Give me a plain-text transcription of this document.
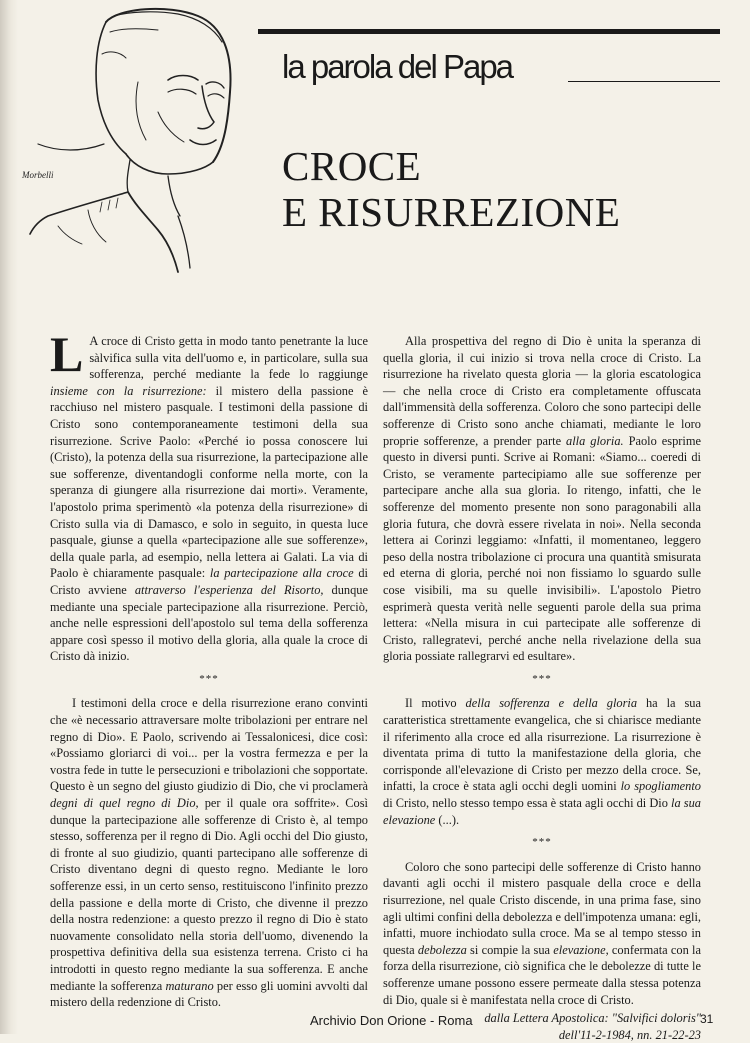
Morbelli
la parola del Papa
CROCE
E RISURREZIONE

L A croce di Cristo getta in modo tanto penetrante la luce sàlvifica sulla vita dell'uomo e, in particolare, sulla sua sofferenza, perché mediante la fede lo raggiunge insieme con la risurrezione: il mistero della passione è racchiuso nel mistero pasquale. I testimoni della passione di Cristo sono contemporaneamente testimoni della sua risurrezione. Scrive Paolo: «Perché io possa conoscere lui (Cristo), la potenza della sua risurrezione, la partecipazione alle sue sofferenze, diventandogli conforme nella morte, con la speranza di giungere alla risurrezione dai morti». Veramente, l'apostolo prima sperimentò «la potenza della risurrezione» di Cristo sulla via di Damasco, e solo in seguito, in questa luce pasquale, giunse a quella «partecipazione alle sue sofferenze», della quale parla, ad esempio, nella lettera ai Galati. La via di Paolo è chiaramente pasquale: la partecipazione alla croce di Cristo avviene attraverso l'esperienza del Risorto, dunque mediante una speciale partecipazione alla risurrezione. Perciò, anche nelle espressioni dell'apostolo sul tema della sofferenza appare così spesso il motivo della gloria, alla quale la croce di Cristo dà inizio.

***

I testimoni della croce e della risurrezione erano convinti che «è necessario attraversare molte tribolazioni per entrare nel regno di Dio». E Paolo, scrivendo ai Tessalonicesi, dice così: «Possiamo gloriarci di voi... per la vostra fermezza e per la vostra fede in tutte le persecuzioni e tribolazioni che sopportate. Questo è un segno del giusto giudizio di Dio, che vi proclamerà degni di quel regno di Dio, per il quale ora soffrite». Così dunque la partecipazione alle sofferenze di Cristo è, al tempo stesso, sofferenza per il regno di Dio. Agli occhi del Dio giusto, di fronte al suo giudizio, quanti partecipano alle sofferenze di Cristo diventano degni di questo regno. Mediante le loro sofferenze essi, in un certo senso, restituiscono l'infinito prezzo della passione e della morte di Cristo, che divenne il prezzo della nostra redenzione: a questo prezzo il regno di Dio è stato nuovamente consolidato nella storia dell'uomo, divenendo la prospettiva definitiva della sua esistenza terrena. Cristo ci ha introdotti in questo regno mediante la sua sofferenza. E anche mediante la sofferenza maturano per esso gli uomini avvolti dal mistero della redenzione di Cristo.

Alla prospettiva del regno di Dio è unita la speranza di quella gloria, il cui inizio si trova nella croce di Cristo. La risurrezione ha rivelato questa gloria — la gloria escatologica — che nella croce di Cristo era completamente offuscata dall'immensità della sofferenza. Coloro che sono partecipi delle sofferenze di Cristo sono anche chiamati, mediante le loro proprie sofferenze, a prender parte alla gloria. Paolo esprime questo in diversi punti. Scrive ai Romani: «Siamo... coeredi di Cristo, se veramente partecipiamo alle sue sofferenze per partecipare anche alla sua gloria. Io ritengo, infatti, che le sofferenze del momento presente non sono paragonabili alla gloria futura, che dovrà essere rivelata in noi». Nella seconda lettera ai Corinzi leggiamo: «Infatti, il momentaneo, leggero peso della nostra tribolazione ci procura una quantità smisurata ed eterna di gloria, perché noi non fissiamo lo sguardo sulle cose visibili, ma su quelle invisibili». L'apostolo Pietro esprimerà questa verità nelle seguenti parole della sua prima lettera: «Nella misura in cui partecipate alle sofferenze di Cristo, rallegratevi, perché anche nella rivelazione della sua gloria possiate rallegrarvi ed esultare».

***

Il motivo della sofferenza e della gloria ha la sua caratteristica strettamente evangelica, che si chiarisce mediante il riferimento alla croce ed alla risurrezione. La risurrezione è diventata prima di tutto la manifestazione della gloria, che corrisponde all'elevazione di Cristo per mezzo della croce. Se, infatti, la croce è stata agli occhi degli uomini lo spogliamento di Cristo, nello stesso tempo essa è stata agli occhi di Dio la sua elevazione (...).

***

Coloro che sono partecipi delle sofferenze di Cristo hanno davanti agli occhi il mistero pasquale della croce e della risurrezione, nel quale Cristo discende, in una prima fase, sino agli ultimi confini della debolezza e dell'impotenza umana: egli, infatti, muore inchiodato sulla croce. Ma se al tempo stesso in questa debolezza si compie la sua elevazione, confermata con la forza della risurrezione, ciò significa che le debolezze di tutte le sofferenze umane possono essere permeate dalla stessa potenza di Dio, quale si è manifestata nella croce di Cristo.

dalla Lettera Apostolica: "Salvifici doloris"
dell'11-2-1984, nn. 21-22-23

Archivio Don Orione - Roma	31
